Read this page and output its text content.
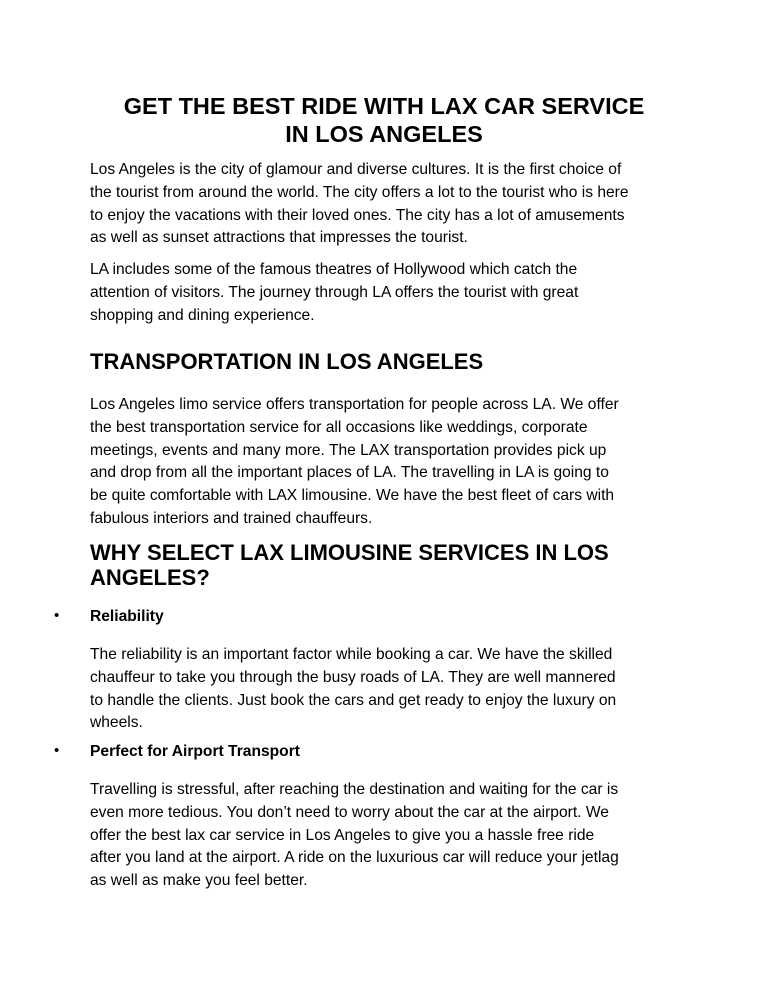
GET THE BEST RIDE WITH LAX CAR SERVICE
IN LOS ANGELES
Los Angeles is the city of glamour and diverse cultures. It is the first choice of
the tourist from around the world. The city offers a lot to the tourist who is here
to enjoy the vacations with their loved ones. The city has a lot of amusements
as well as sunset attractions that impresses the tourist.
LA includes some of the famous theatres of Hollywood which catch the
attention of visitors. The journey through LA offers the tourist with great
shopping and dining experience.
TRANSPORTATION IN LOS ANGELES
Los Angeles limo service offers transportation for people across LA. We offer
the best transportation service for all occasions like weddings, corporate
meetings, events and many more. The LAX transportation provides pick up
and drop from all the important places of LA. The travelling in LA is going to
be quite comfortable with LAX limousine. We have the best fleet of cars with
fabulous interiors and trained chauffeurs.
WHY SELECT LAX LIMOUSINE SERVICES IN LOS
ANGELES?
• Reliability
The reliability is an important factor while booking a car. We have the skilled
chauffeur to take you through the busy roads of LA. They are well mannered
to handle the clients. Just book the cars and get ready to enjoy the luxury on
wheels.
• Perfect for Airport Transport
Travelling is stressful, after reaching the destination and waiting for the car is
even more tedious. You don’t need to worry about the car at the airport. We
offer the best lax car service in Los Angeles to give you a hassle free ride
after you land at the airport. A ride on the luxurious car will reduce your jetlag
as well as make you feel better.
